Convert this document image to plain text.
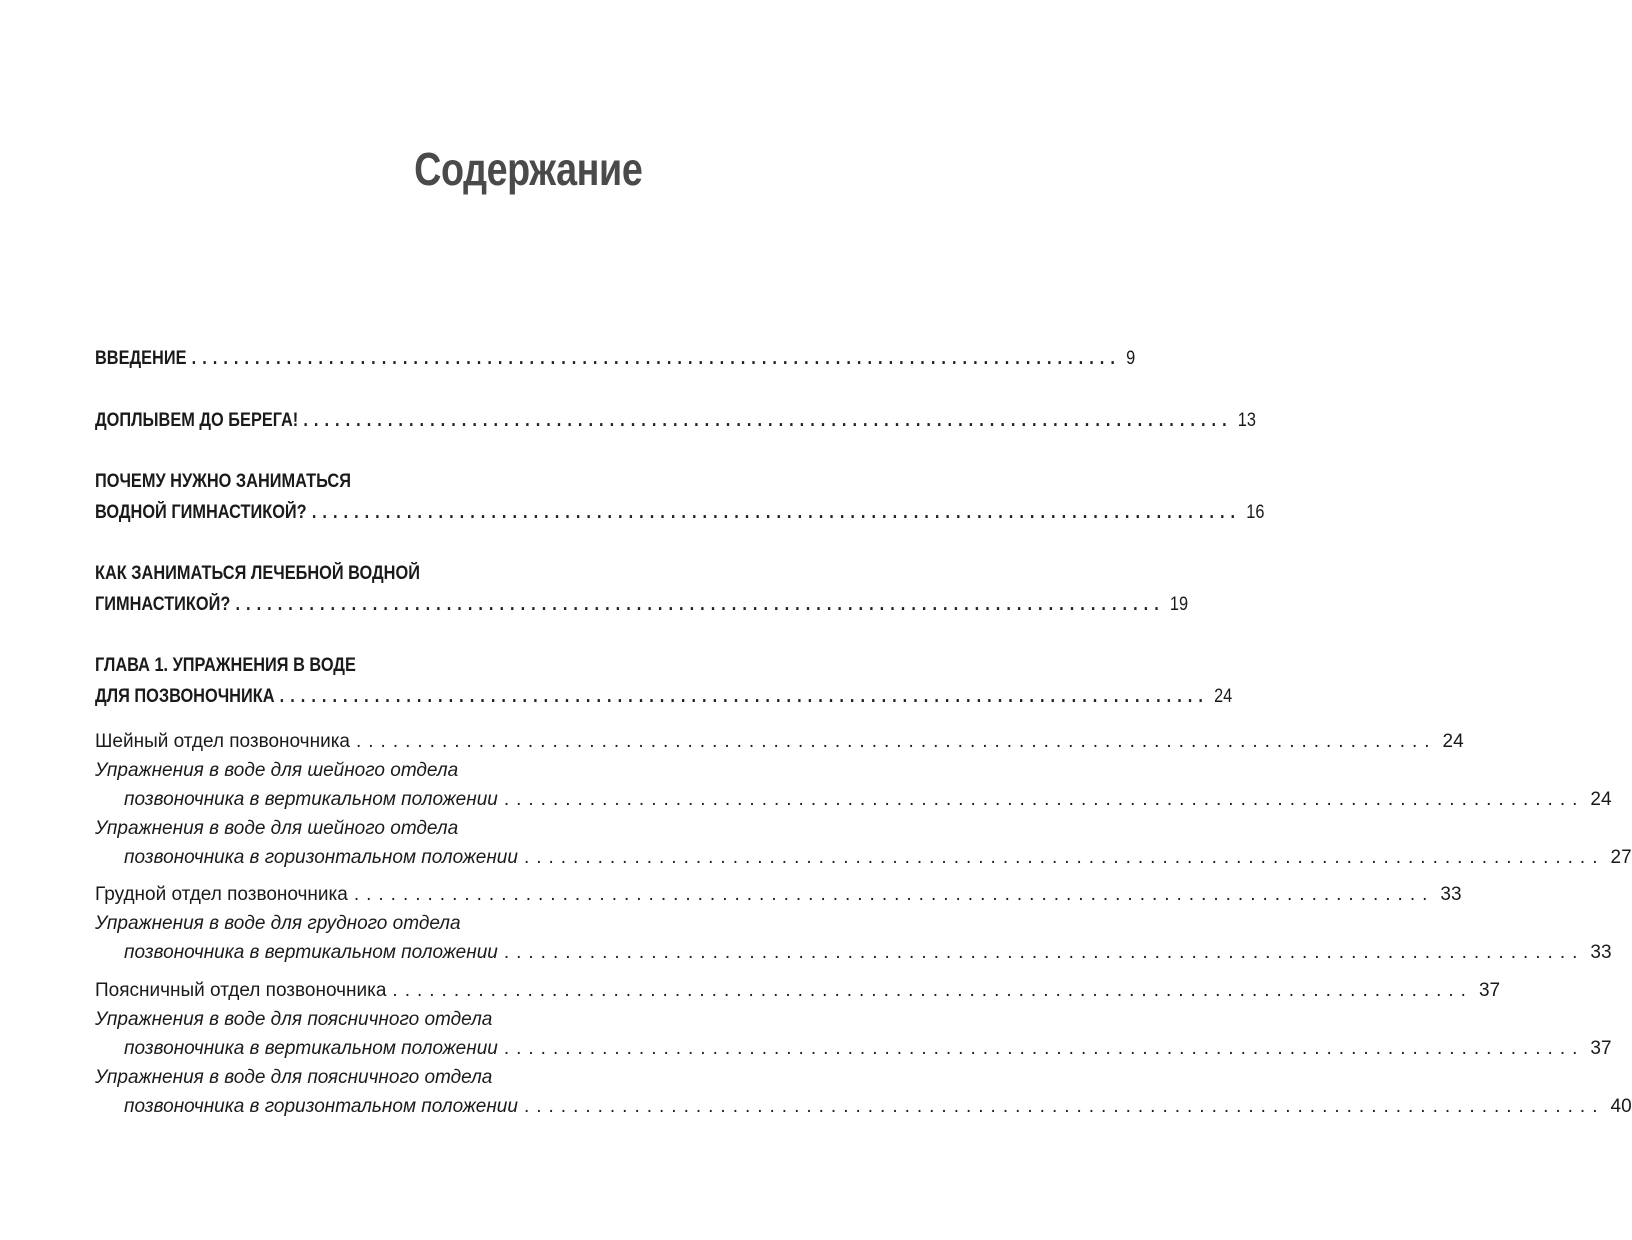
Содержание
ВВЕДЕНИЕ ........................................................................................ 9
ДОПЛЫВЕМ ДО БЕРЕГА! ........................................................................................ 13
ПОЧЕМУ НУЖНО ЗАНИМАТЬСЯ
ВОДНОЙ ГИМНАСТИКОЙ? ........................................................................................ 16
КАК ЗАНИМАТЬСЯ ЛЕЧЕБНОЙ ВОДНОЙ
ГИМНАСТИКОЙ? ........................................................................................ 19
ГЛАВА 1. УПРАЖНЕНИЯ В ВОДЕ
ДЛЯ ПОЗВОНОЧНИКА ........................................................................................ 24
Шейный отдел позвоночника ........................................................................................ 24
Упражнения в воде для шейного отдела
позвоночника в вертикальном положении ........................................................................................ 24
Упражнения в воде для шейного отдела
позвоночника в горизонтальном положении ........................................................................................ 27
Грудной отдел позвоночника ........................................................................................ 33
Упражнения в воде для грудного отдела
позвоночника в вертикальном положении ........................................................................................ 33
Поясничный отдел позвоночника ........................................................................................ 37
Упражнения в воде для поясничного отдела
позвоночника в вертикальном положении ........................................................................................ 37
Упражнения в воде для поясничного отдела
позвоночника в горизонтальном положении ........................................................................................ 40
